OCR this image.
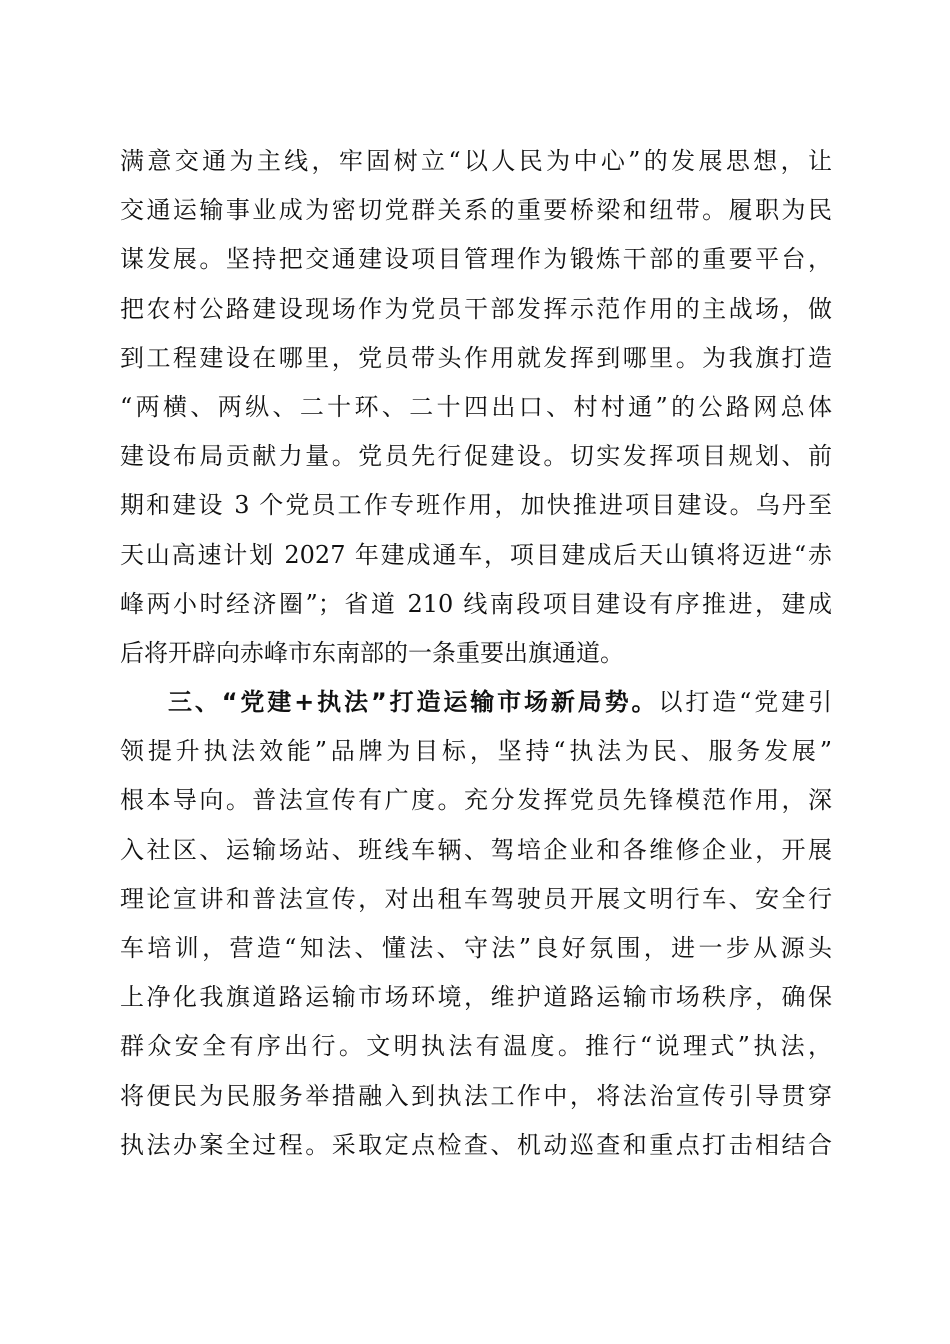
满意交通为主线，牢固树立“以人民为中心”的发展思想，让
交通运输事业成为密切党群关系的重要桥梁和纽带。履职为民
谋发展。坚持把交通建设项目管理作为锻炼干部的重要平台，
把农村公路建设现场作为党员干部发挥示范作用的主战场，做
到工程建设在哪里，党员带头作用就发挥到哪里。为我旗打造
“两横、两纵、二十环、二十四出口、村村通”的公路网总体
建设布局贡献力量。党员先行促建设。切实发挥项目规划、前
期和建设 3 个党员工作专班作用，加快推进项目建设。乌丹至
天山高速计划 2027 年建成通车，项目建成后天山镇将迈进“赤
峰两小时经济圈”；省道 210 线南段项目建设有序推进，建成
后将开辟向赤峰市东南部的一条重要出旗通道。
三、“党建+执法”打造运输市场新局势。以打造“党建引
领提升执法效能”品牌为目标，坚持“执法为民、服务发展”
根本导向。普法宣传有广度。充分发挥党员先锋模范作用，深
入社区、运输场站、班线车辆、驾培企业和各维修企业，开展
理论宣讲和普法宣传，对出租车驾驶员开展文明行车、安全行
车培训，营造“知法、懂法、守法”良好氛围，进一步从源头
上净化我旗道路运输市场环境，维护道路运输市场秩序，确保
群众安全有序出行。文明执法有温度。推行“说理式”执法，
将便民为民服务举措融入到执法工作中，将法治宣传引导贯穿
执法办案全过程。采取定点检查、机动巡查和重点打击相结合
